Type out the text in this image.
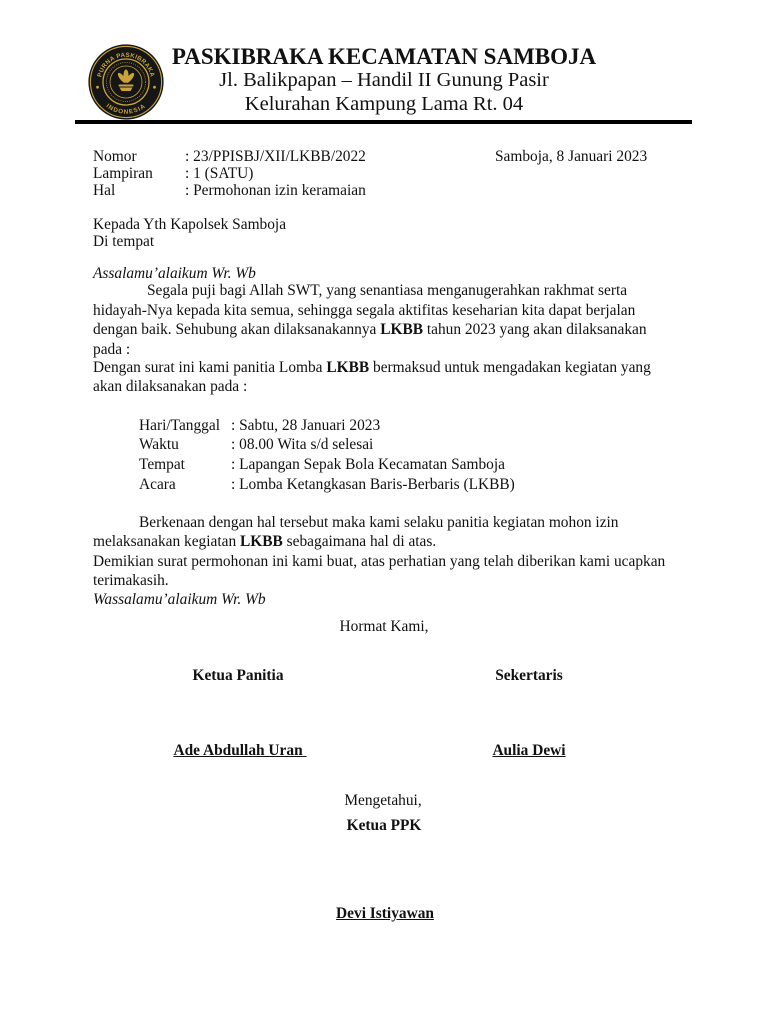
PURNA PASKIBRAKA
INDONESIA
PASKIBRAKA KECAMATAN SAMBOJA
Jl. Balikpapan – Handil II Gunung Pasir
Kelurahan Kampung Lama Rt. 04
Nomor	: 23/PPISBJ/XII/LKBB/2022	Samboja, 8 Januari 2023
Lampiran : 1 (SATU)
Hal	: Permohonan izin keramaian
Kepada Yth Kapolsek Samboja
Di tempat
Assalamu’alaikum Wr. Wb
Segala puji bagi Allah SWT, yang senantiasa menganugerahkan rakhmat serta
hidayah-Nya kepada kita semua, sehingga segala aktifitas keseharian kita dapat berjalan
dengan baik. Sehubung akan dilaksanakannya LKBB tahun 2023 yang akan dilaksanakan
pada :
Dengan surat ini kami panitia Lomba LKBB bermaksud untuk mengadakan kegiatan yang
akan dilaksanakan pada :
Hari/Tanggal : Sabtu, 28 Januari 2023
Waktu	: 08.00 Wita s/d selesai
Tempat	: Lapangan Sepak Bola Kecamatan Samboja
Acara	: Lomba Ketangkasan Baris-Berbaris (LKBB)
Berkenaan dengan hal tersebut maka kami selaku panitia kegiatan mohon izin
melaksanakan kegiatan LKBB sebagaimana hal di atas.
Demikian surat permohonan ini kami buat, atas perhatian yang telah diberikan kami ucapkan
terimakasih.
Wassalamu’alaikum Wr. Wb
Hormat Kami,
Ketua Panitia	Sekertaris
Ade Abdullah Uran	Aulia Dewi
Mengetahui,
Ketua PPK
Devi Istiyawan
